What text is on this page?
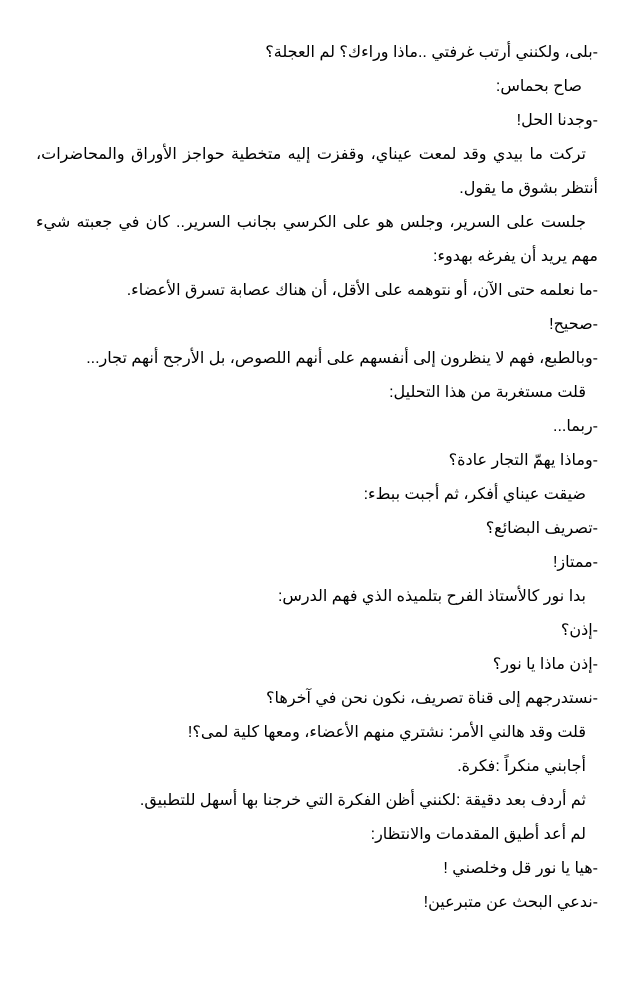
-بلى، ولكنني أرتب غرفتي ..ماذا وراءك؟ لم العجلة؟

صاح بحماس:

-وجدنا الحل!

تركت ما بيدي وقد لمعت عيناي، وقفزت إليه متخطية حواجز الأوراق والمحاضرات، أنتظر بشوق ما يقول.

جلست على السرير، وجلس هو على الكرسي بجانب السرير.. كان في جعبته شيء مهم يريد أن يفرغه بهدوء:

-ما نعلمه حتى الآن، أو نتوهمه على الأقل، أن هناك عصابة تسرق الأعضاء.

-صحيح!

-وبالطبع، فهم لا ينظرون إلى أنفسهم على أنهم اللصوص، بل الأرجح أنهم تجار...

قلت مستغربة من هذا التحليل:

-ربما...

-وماذا يهمّ التجار عادة؟

ضيقت عيناي أفكر، ثم أجبت ببطء:

-تصريف البضائع؟

-ممتاز!

بدا نور كالأستاذ الفرح بتلميذه الذي فهم الدرس:

-إذن؟

-إذن ماذا يا نور؟

-نستدرجهم إلى قناة تصريف، نكون نحن في آخرها؟

قلت وقد هالني الأمر: نشتري منهم الأعضاء، ومعها كلية لمى؟!

أجابني منكراً :فكرة.

ثم أردف بعد دقيقة :لكنني أظن الفكرة التي خرجنا بها أسهل للتطبيق.

لم أعد أطيق المقدمات والانتظار:

-هيا يا نور قل وخلصني !

-ندعي البحث عن متبرعين!
